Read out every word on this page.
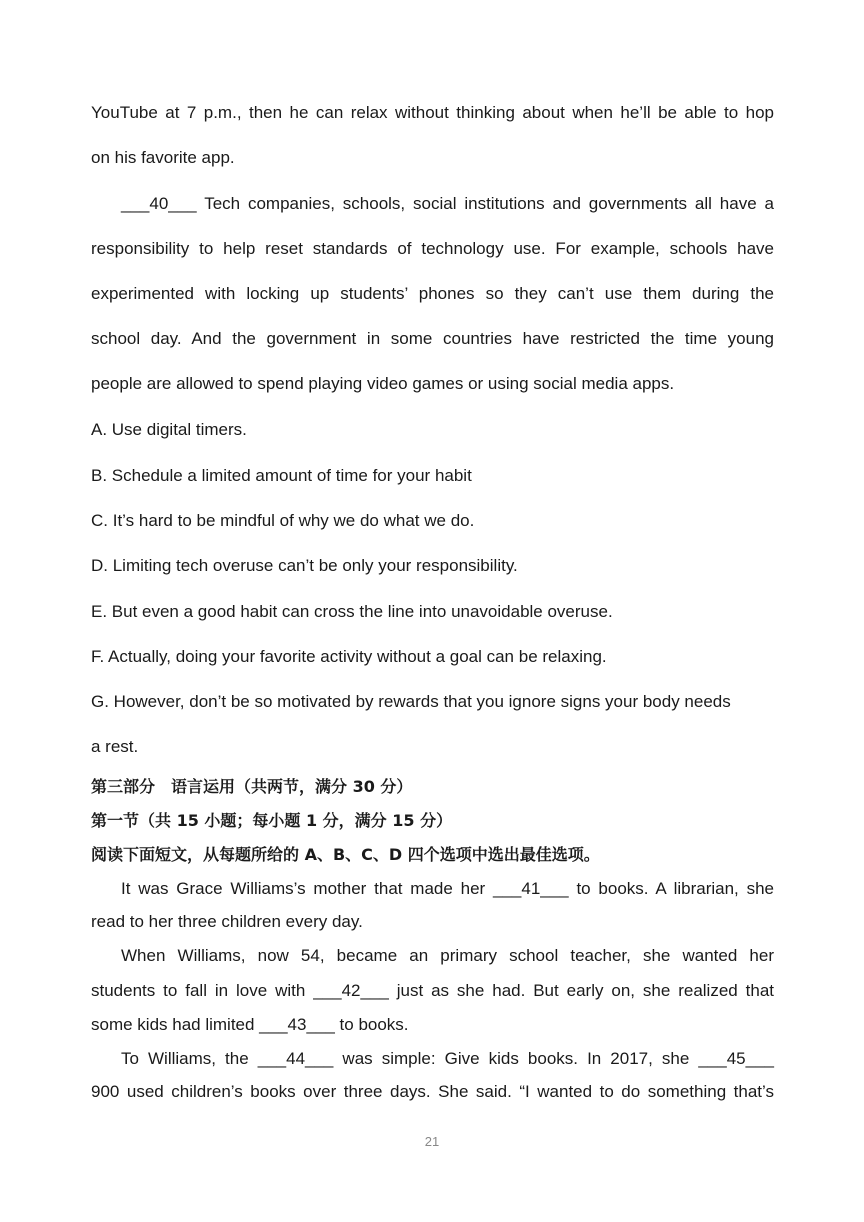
YouTube at 7 p.m., then he can relax without thinking about when he’ll be able to hop
on his favorite app.
___40___ Tech companies, schools, social institutions and governments all have a
responsibility to help reset standards of technology use. For example, schools have
experimented with locking up students’ phones so they can’t use them during the
school day. And the government in some countries have restricted the time young
people are allowed to spend playing video games or using social media apps.
A. Use digital timers.
B. Schedule a limited amount of time for your habit
C. It’s hard to be mindful of why we do what we do.
D. Limiting tech overuse can’t be only your responsibility.
E. But even a good habit can cross the line into unavoidable overuse.
F. Actually, doing your favorite activity without a goal can be relaxing.
G. However, don’t be so motivated by rewards that you ignore signs your body needs
a rest.
第三部分　语言运用（共两节，满分 30 分）
第一节（共 15 小题；每小题 1 分，满分 15 分）
阅读下面短文，从每题所给的 A、B、C、D 四个选项中选出最佳选项。
It was Grace Williams’s mother that made her ___41___ to books. A librarian, she
read to her three children every day.
When Williams, now 54, became an primary school teacher, she wanted her
students to fall in love with ___42___ just as she had. But early on, she realized that
some kids had limited ___43___ to books.
To Williams, the ___44___ was simple: Give kids books. In 2017, she ___45___
900 used children’s books over three days. She said. “I wanted to do something that’s
21
